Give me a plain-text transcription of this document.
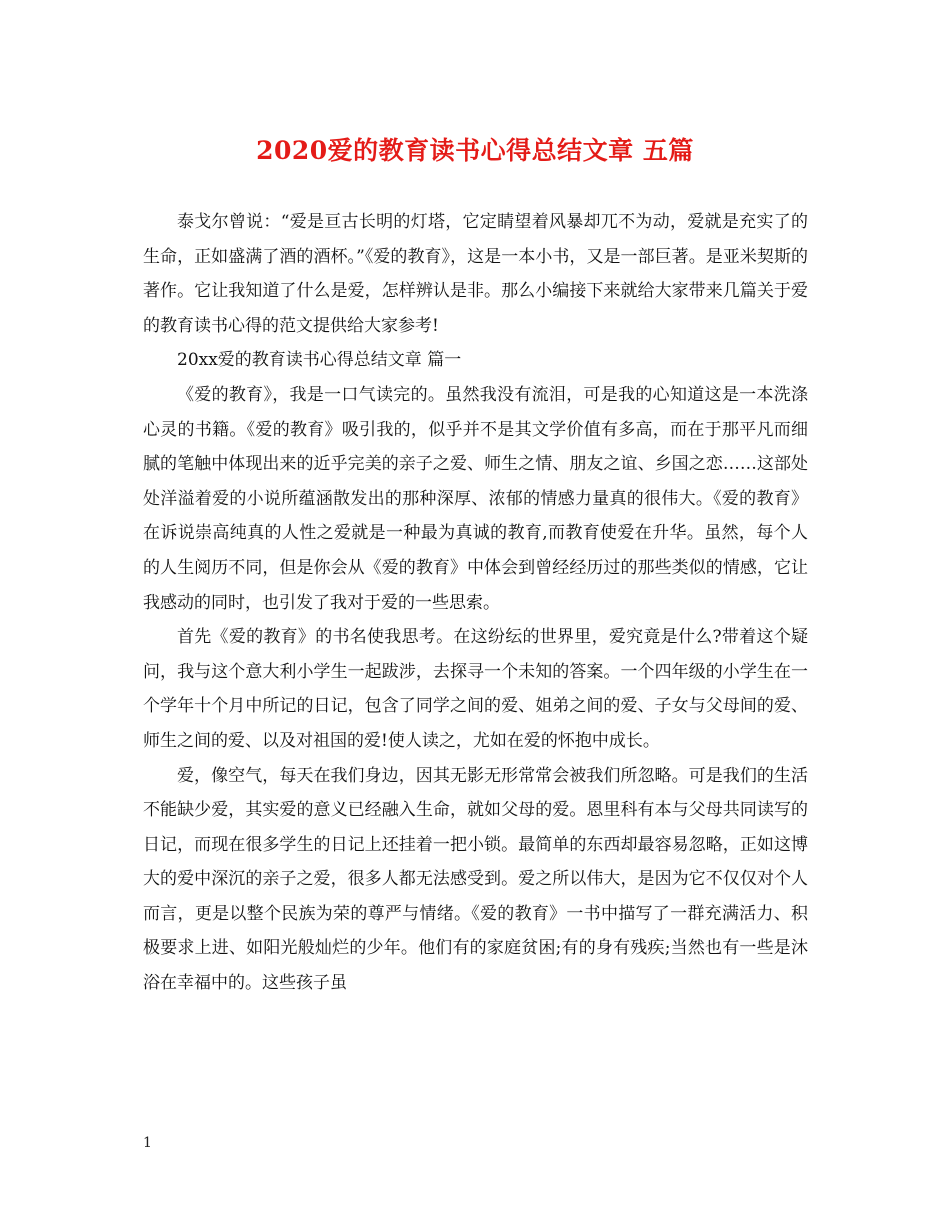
2020爱的教育读书心得总结文章 五篇

泰戈尔曾说：“爱是亘古长明的灯塔，它定睛望着风暴却兀不为动，爱就是充实了的生命，正如盛满了酒的酒杯。”《爱的教育》，这是一本小书，又是一部巨著。是亚米契斯的著作。它让我知道了什么是爱，怎样辨认是非。那么小编接下来就给大家带来几篇关于爱的教育读书心得的范文提供给大家参考!

20xx爱的教育读书心得总结文章 篇一

《爱的教育》，我是一口气读完的。虽然我没有流泪，可是我的心知道这是一本洗涤心灵的书籍。《爱的教育》吸引我的，似乎并不是其文学价值有多高，而在于那平凡而细腻的笔触中体现出来的近乎完美的亲子之爱、师生之情、朋友之谊、乡国之恋……这部处处洋溢着爱的小说所蕴涵散发出的那种深厚、浓郁的情感力量真的很伟大。《爱的教育》在诉说崇高纯真的人性之爱就是一种最为真诚的教育,而教育使爱在升华。虽然，每个人的人生阅历不同，但是你会从《爱的教育》中体会到曾经经历过的那些类似的情感，它让我感动的同时，也引发了我对于爱的一些思索。

首先《爱的教育》的书名使我思考。在这纷纭的世界里，爱究竟是什么?带着这个疑问，我与这个意大利小学生一起跋涉，去探寻一个未知的答案。一个四年级的小学生在一个学年十个月中所记的日记，包含了同学之间的爱、姐弟之间的爱、子女与父母间的爱、师生之间的爱、以及对祖国的爱!使人读之，尤如在爱的怀抱中成长。

爱，像空气，每天在我们身边，因其无影无形常常会被我们所忽略。可是我们的生活不能缺少爱，其实爱的意义已经融入生命，就如父母的爱。恩里科有本与父母共同读写的日记，而现在很多学生的日记上还挂着一把小锁。最简单的东西却最容易忽略，正如这博大的爱中深沉的亲子之爱，很多人都无法感受到。爱之所以伟大，是因为它不仅仅对个人而言，更是以整个民族为荣的尊严与情绪。《爱的教育》一书中描写了一群充满活力、积极要求上进、如阳光般灿烂的少年。他们有的家庭贫困;有的身有残疾;当然也有一些是沐浴在幸福中的。这些孩子虽

1
